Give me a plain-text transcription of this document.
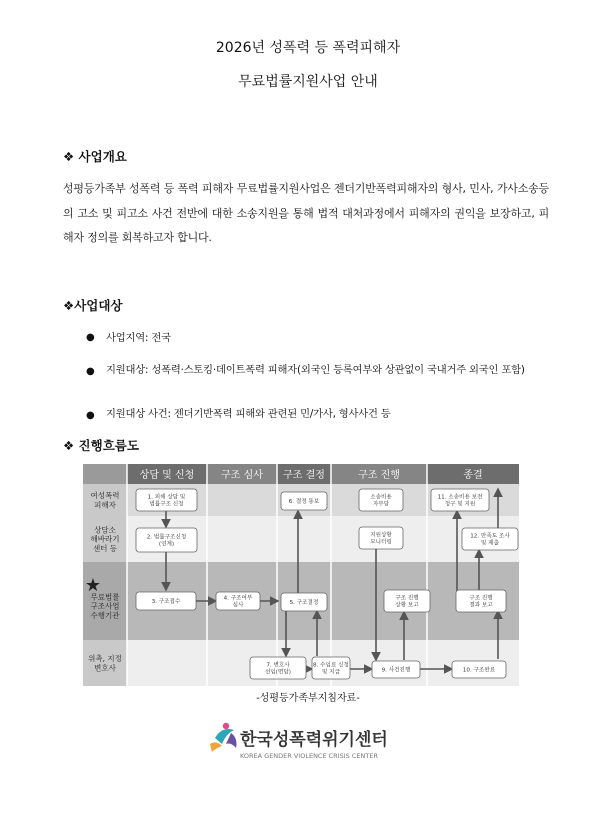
2026년 성폭력 등 폭력피해자
무료법률지원사업 안내
❖ 사업개요
성평등가족부 성폭력 등 폭력 피해자 무료법률지원사업은 젠더기반폭력피해자의 형사, 민사, 가사소송등의 고소 및 피고소 사건 전반에 대한 소송지원을 통해 법적 대처과정에서 피해자의 권익을 보장하고, 피해자 정의를 회복하고자 합니다.
❖사업대상
● 사업지역: 전국
● 지원대상: 성폭력·스토킹·데이트폭력 피해자(외국인 등록여부와 상관없이 국내거주 외국인 포함)
● 지원대상 사건: 젠더기반폭력 피해와 관련된 민/가사, 형사사건 등
❖ 진행흐름도
상담 및 신청	구조 심사 구조 결정	구조 진행	종결
★
여성폭력 피해자
상담소 해바라기 센터 등
무료법률 구조사업 수행기관
위촉, 지정 변호사
1. 피해 상담 및 법률구조 신청
2. 법률구조신청 (연계)
3. 구조접수
4. 구조여부 심사	5. 구조결정
6. 결정 통보
7. 변호사 선임(면담)
8. 수임료 신청 및 지급	9. 사건진행	10. 구조완료
11. 소송비용 보전 청구 및 지원
12. 만족도 조사 및 제출
소송비용 자부담
지원상황 모니터링
구조 진행 상황 보고
구조 진행 결과 보고
-성평등가족부지침자료-
한국성폭력위기센터
KOREA GENDER VIOLENCE CRISIS CENTER
